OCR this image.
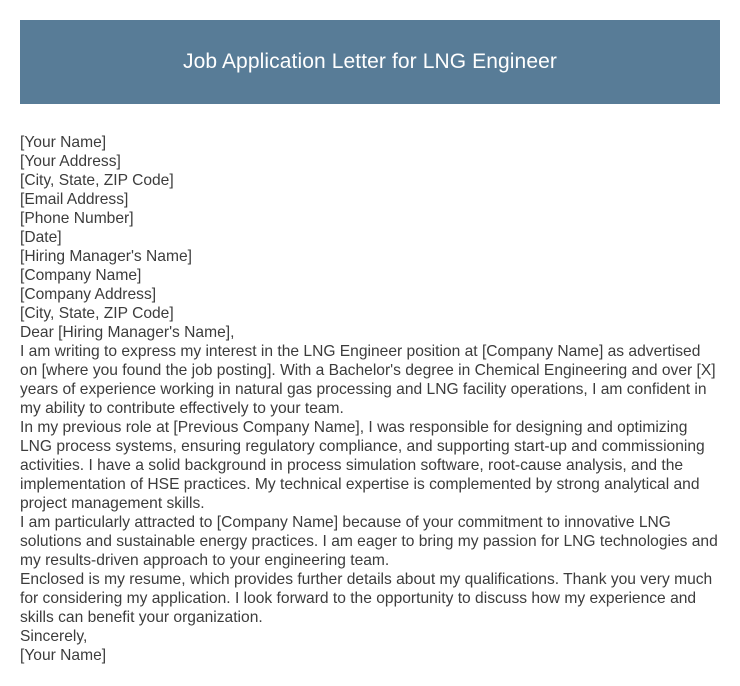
Job Application Letter for LNG Engineer
[Your Name]
[Your Address]
[City, State, ZIP Code]
[Email Address]
[Phone Number]
[Date]
[Hiring Manager's Name]
[Company Name]
[Company Address]
[City, State, ZIP Code]
Dear [Hiring Manager's Name],

I am writing to express my interest in the LNG Engineer position at [Company Name] as advertised on [where you found the job posting]. With a Bachelor's degree in Chemical Engineering and over [X] years of experience working in natural gas processing and LNG facility operations, I am confident in my ability to contribute effectively to your team.

In my previous role at [Previous Company Name], I was responsible for designing and optimizing LNG process systems, ensuring regulatory compliance, and supporting start-up and commissioning activities. I have a solid background in process simulation software, root-cause analysis, and the implementation of HSE practices. My technical expertise is complemented by strong analytical and project management skills.

I am particularly attracted to [Company Name] because of your commitment to innovative LNG solutions and sustainable energy practices. I am eager to bring my passion for LNG technologies and my results-driven approach to your engineering team.

Enclosed is my resume, which provides further details about my qualifications. Thank you very much for considering my application. I look forward to the opportunity to discuss how my experience and skills can benefit your organization.

Sincerely,
[Your Name]
